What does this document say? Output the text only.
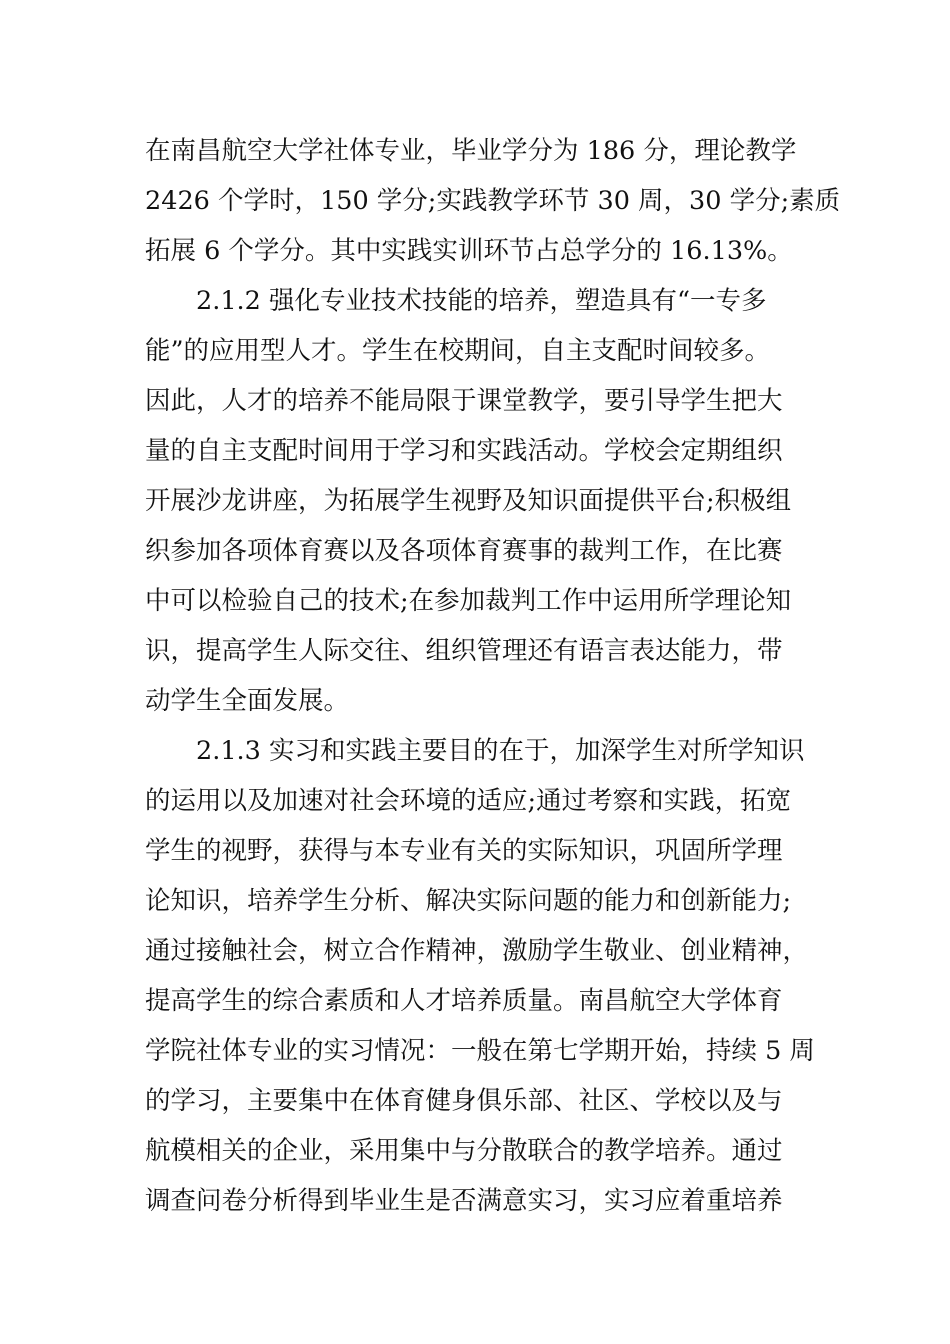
在南昌航空大学社体专业，毕业学分为 186 分，理论教学
2426 个学时，150 学分;实践教学环节 30 周，30 学分;素质
拓展 6 个学分。其中实践实训环节占总学分的 16.13%。
2.1.2 强化专业技术技能的培养，塑造具有“一专多
能”的应用型人才。学生在校期间，自主支配时间较多。
因此，人才的培养不能局限于课堂教学，要引导学生把大
量的自主支配时间用于学习和实践活动。学校会定期组织
开展沙龙讲座，为拓展学生视野及知识面提供平台;积极组
织参加各项体育赛以及各项体育赛事的裁判工作，在比赛
中可以检验自己的技术;在参加裁判工作中运用所学理论知
识，提高学生人际交往、组织管理还有语言表达能力，带
动学生全面发展。
2.1.3 实习和实践主要目的在于，加深学生对所学知识
的运用以及加速对社会环境的适应;通过考察和实践，拓宽
学生的视野，获得与本专业有关的实际知识，巩固所学理
论知识，培养学生分析、解决实际问题的能力和创新能力;
通过接触社会，树立合作精神，激励学生敬业、创业精神，
提高学生的综合素质和人才培养质量。南昌航空大学体育
学院社体专业的实习情况：一般在第七学期开始，持续 5 周
的学习，主要集中在体育健身俱乐部、社区、学校以及与
航模相关的企业，采用集中与分散联合的教学培养。通过
调查问卷分析得到毕业生是否满意实习，实习应着重培养
